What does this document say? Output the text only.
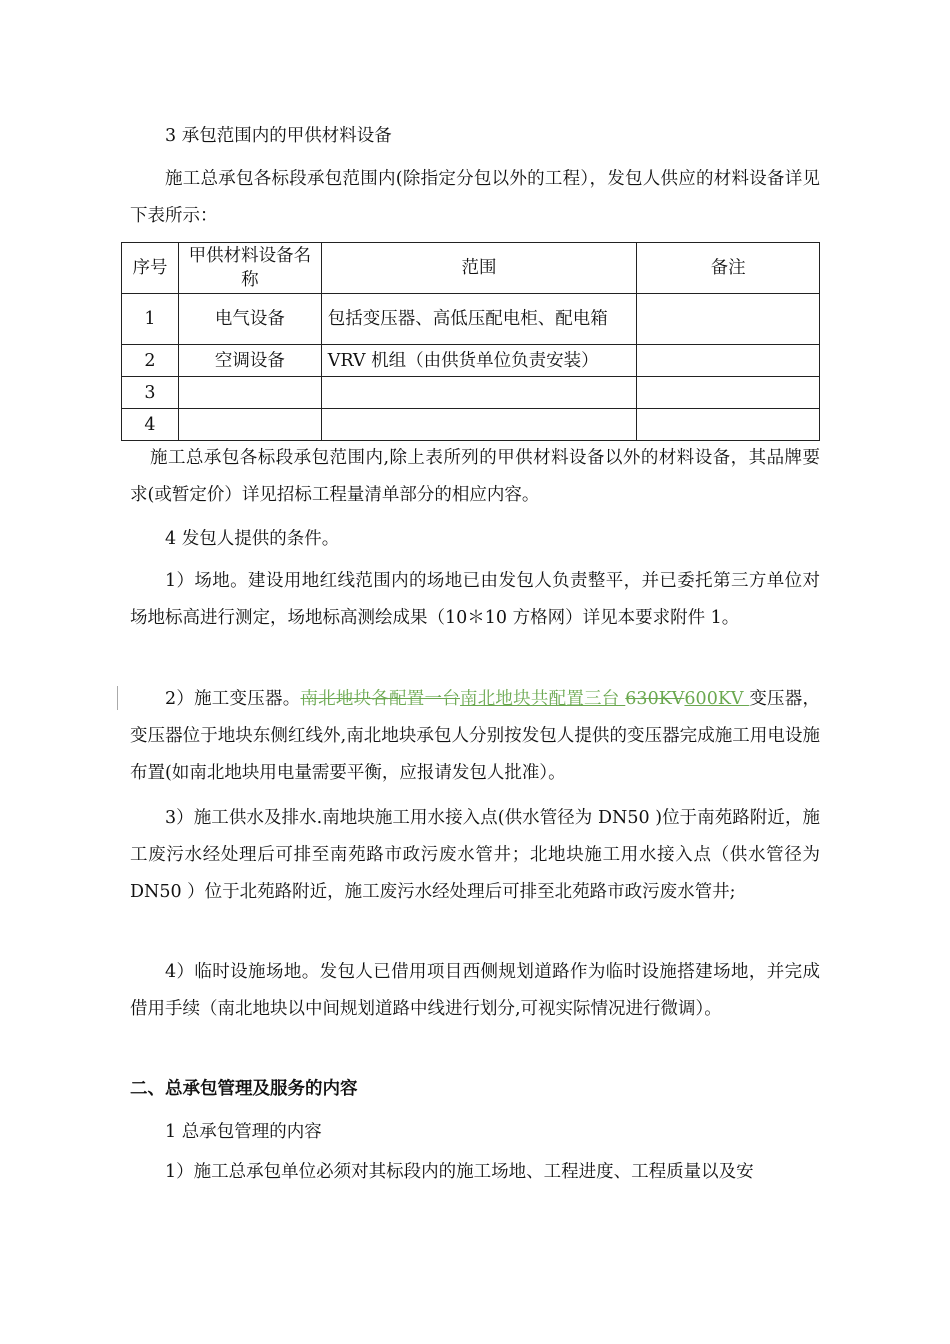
3 承包范围内的甲供材料设备

施工总承包各标段承包范围内(除指定分包以外的工程），发包人供应的材料设备详见下表所示：

序号	甲供材料设备名称	范围	备注
1	电气设备	包括变压器、高低压配电柜、配电箱	
2	空调设备	VRV 机组（由供货单位负责安装）	
3			
4			

施工总承包各标段承包范围内,除上表所列的甲供材料设备以外的材料设备，其品牌要求(或暂定价）详见招标工程量清单部分的相应内容。

4 发包人提供的条件。

1）场地。建设用地红线范围内的场地已由发包人负责整平，并已委托第三方单位对场地标高进行测定，场地标高测绘成果（10＊10 方格网）详见本要求附件 1。

2）施工变压器。南北地块各配置一台南北地块共配置三台 630KV600KV 变压器，变压器位于地块东侧红线外,南北地块承包人分别按发包人提供的变压器完成施工用电设施布置(如南北地块用电量需要平衡，应报请发包人批准）。

3）施工供水及排水.南地块施工用水接入点(供水管径为 DN50 )位于南苑路附近，施工废污水经处理后可排至南苑路市政污废水管井；北地块施工用水接入点（供水管径为 DN50 ）位于北苑路附近，施工废污水经处理后可排至北苑路市政污废水管井;

4）临时设施场地。发包人已借用项目西侧规划道路作为临时设施搭建场地，并完成借用手续（南北地块以中间规划道路中线进行划分,可视实际情况进行微调）。

二、总承包管理及服务的内容

1 总承包管理的内容

1）施工总承包单位必须对其标段内的施工场地、工程进度、工程质量以及安
